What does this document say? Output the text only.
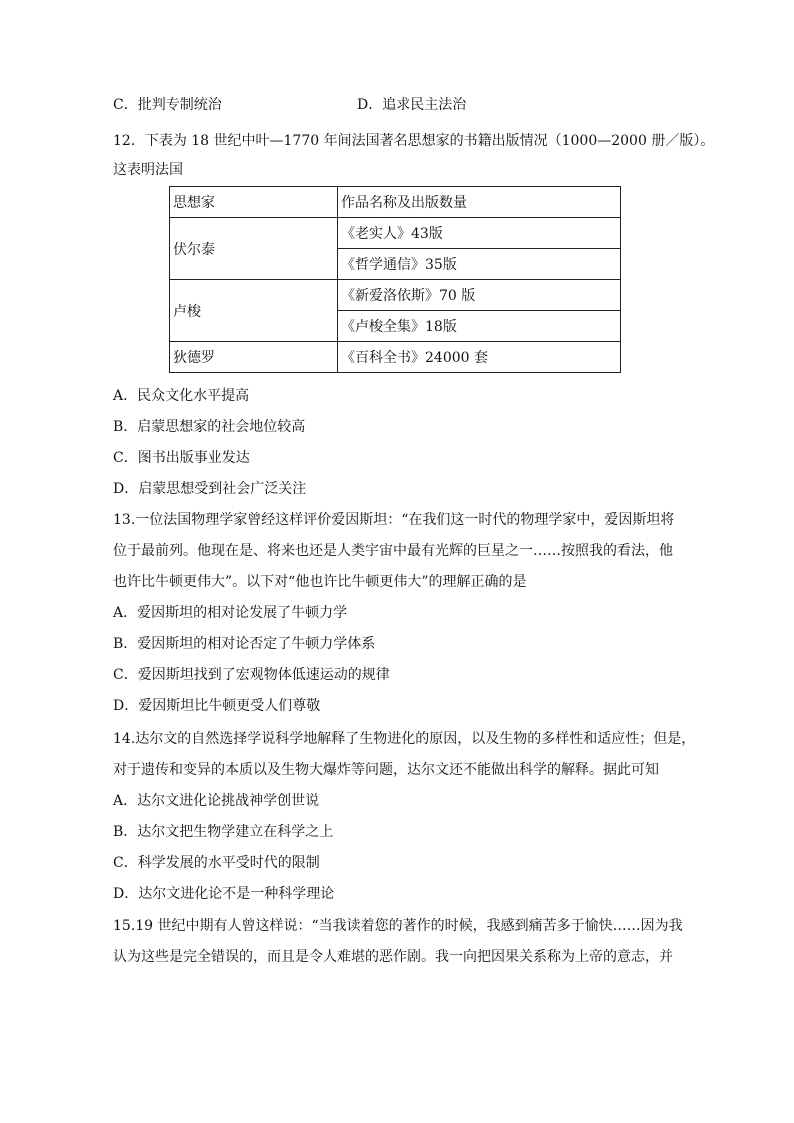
C．批判专制统治	D．追求民主法治
12．下表为 18 世纪中叶—1770 年间法国著名思想家的书籍出版情况（1000—2000 册／版）。
这表明法国
思想家	作品名称及出版数量
伏尔泰	《老实人》43版
	《哲学通信》35版
卢梭	《新爱洛依斯》70 版
	《卢梭全集》18版
狄德罗	《百科全书》24000 套
A．民众文化水平提高
B．启蒙思想家的社会地位较高
C．图书出版事业发达
D．启蒙思想受到社会广泛关注
13.一位法国物理学家曾经这样评价爱因斯坦：“在我们这一时代的物理学家中，爱因斯坦将
位于最前列。他现在是、将来也还是人类宇宙中最有光辉的巨星之一……按照我的看法，他
也许比牛顿更伟大”。以下对“他也许比牛顿更伟大”的理解正确的是
A．爱因斯坦的相对论发展了牛顿力学
B．爱因斯坦的相对论否定了牛顿力学体系
C．爱因斯坦找到了宏观物体低速运动的规律
D．爱因斯坦比牛顿更受人们尊敬
14.达尔文的自然选择学说科学地解释了生物进化的原因，以及生物的多样性和适应性；但是，
对于遗传和变异的本质以及生物大爆炸等问题，达尔文还不能做出科学的解释。据此可知
A．达尔文进化论挑战神学创世说
B．达尔文把生物学建立在科学之上
C．科学发展的水平受时代的限制
D．达尔文进化论不是一种科学理论
15.19 世纪中期有人曾这样说：“当我读着您的著作的时候，我感到痛苦多于愉快……因为我
认为这些是完全错误的，而且是令人难堪的恶作剧。我一向把因果关系称为上帝的意志，并
